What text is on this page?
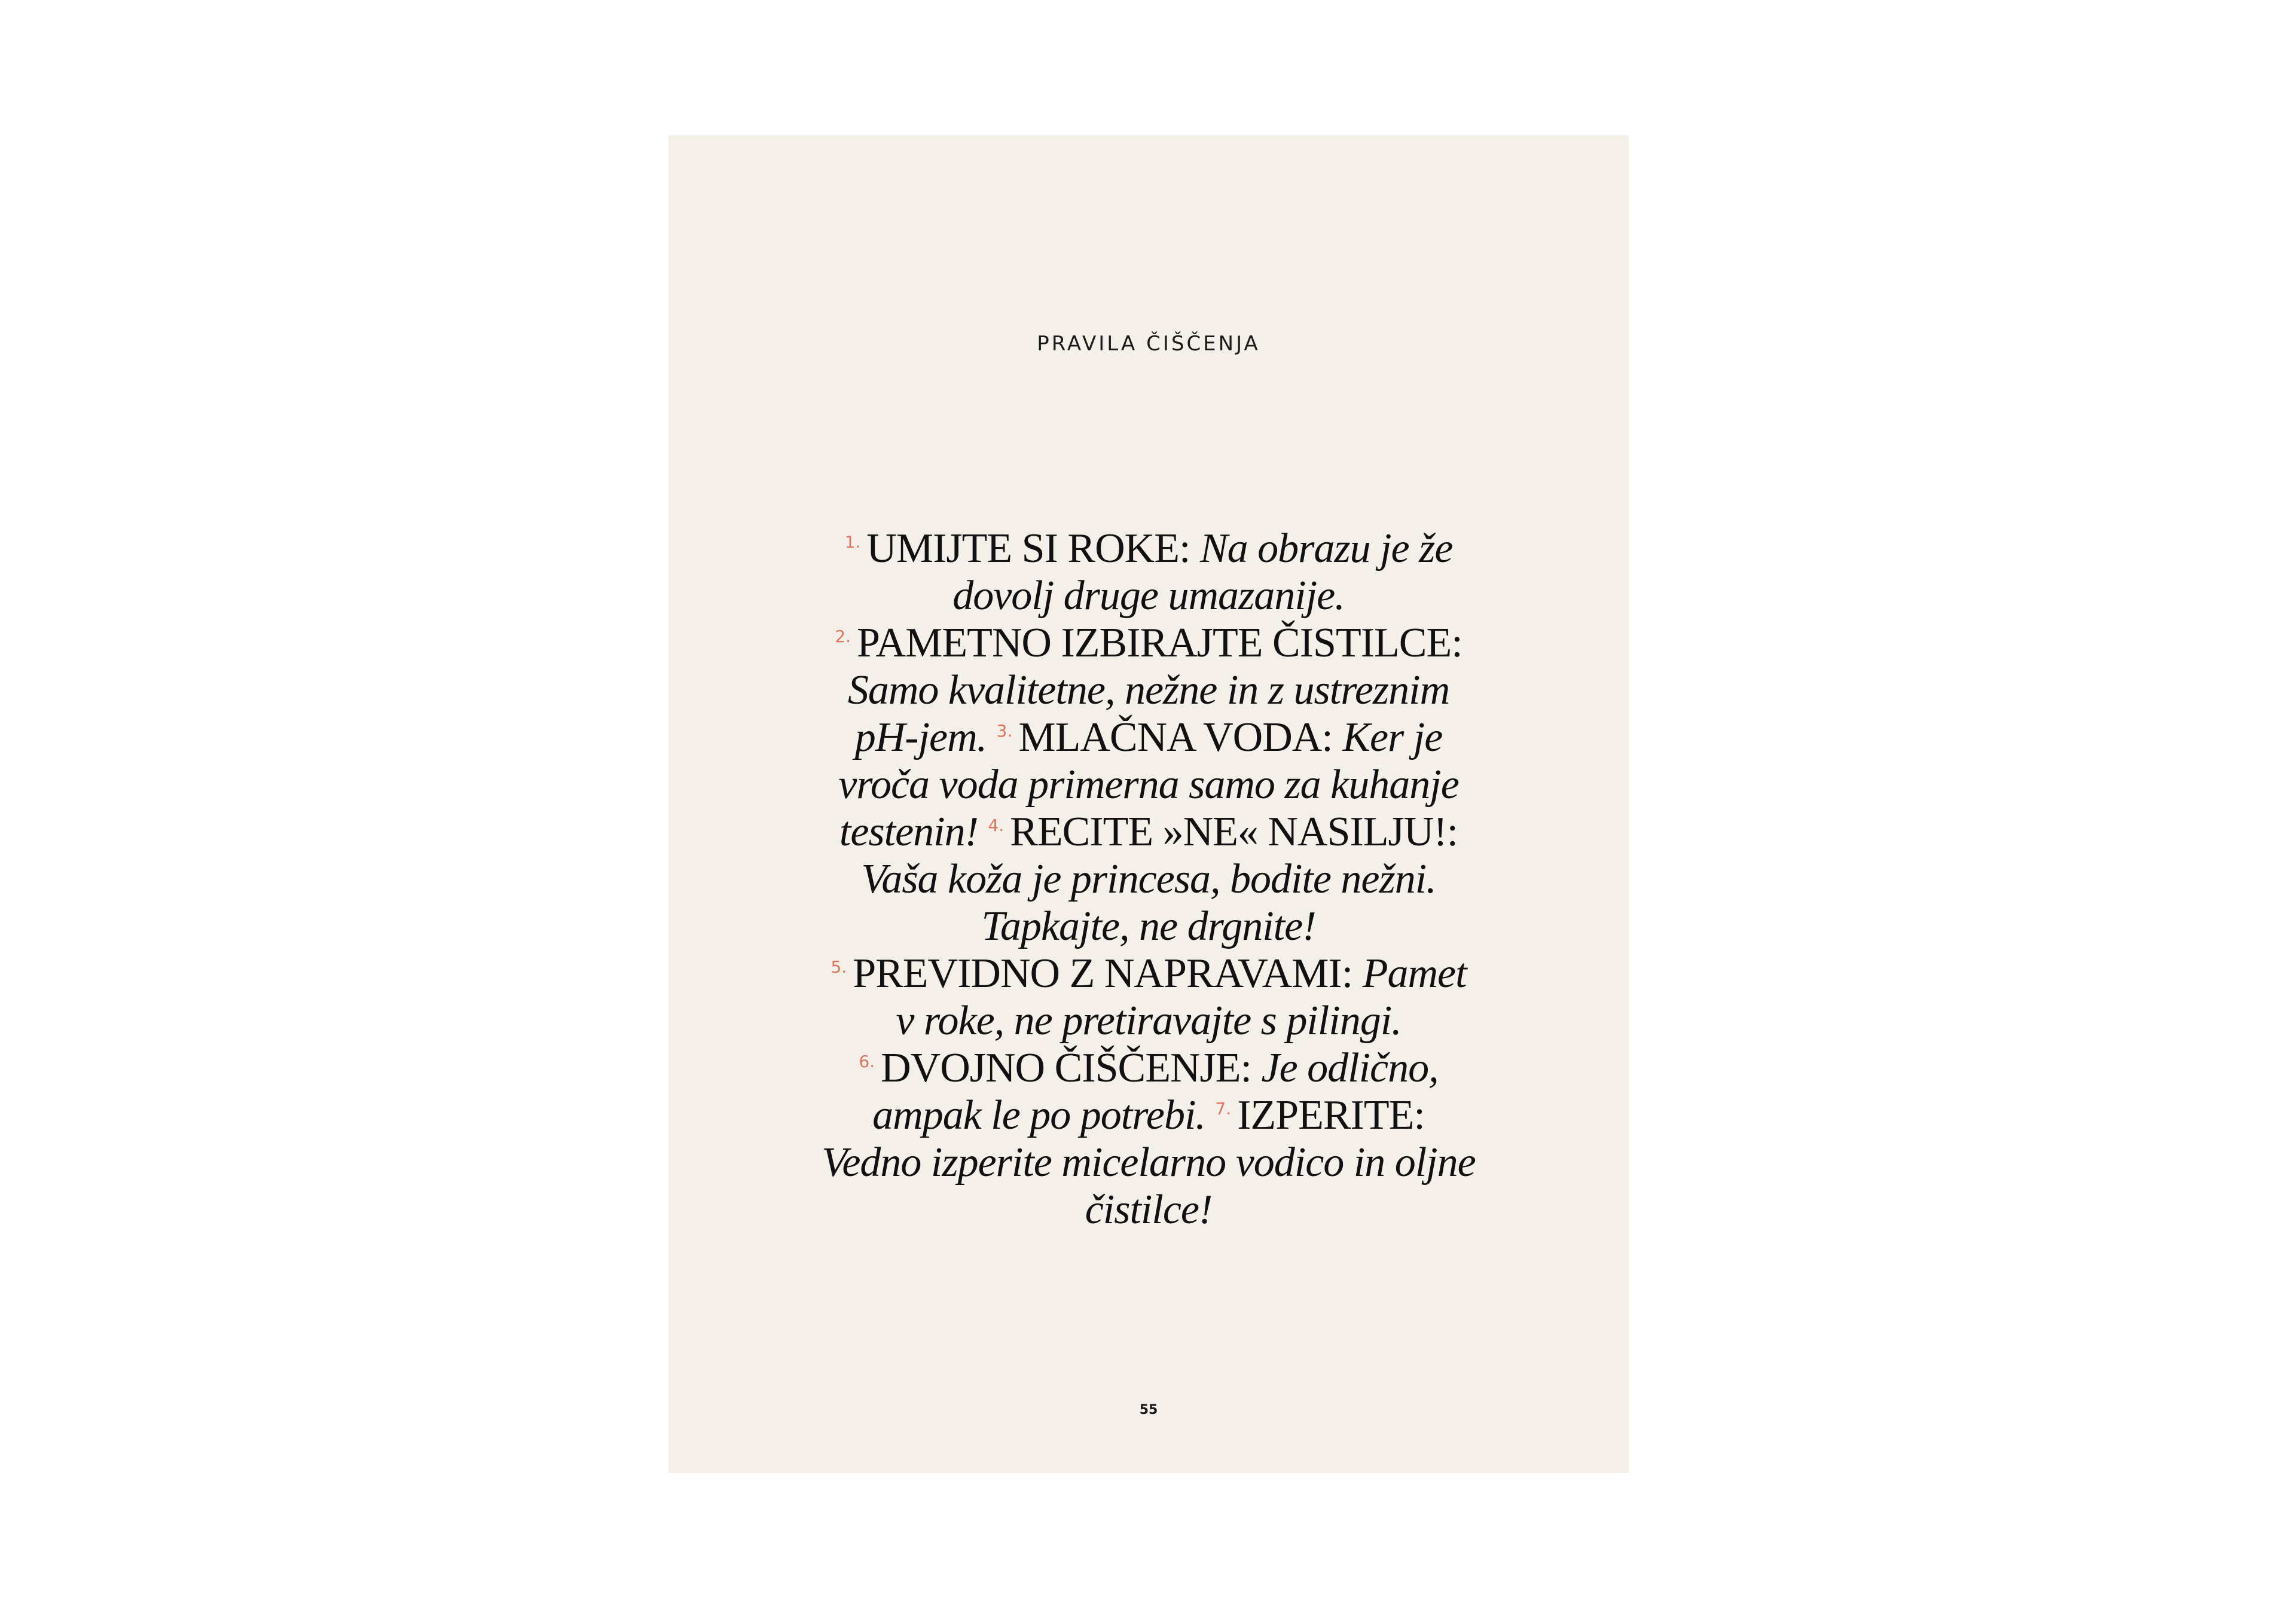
PRAVILA ČIŠČENJA
$^{1.}$ UMIJTE SI ROKE: Na obrazu je že dovolj druge umazanije.
$^{2.}$ PAMETNO IZBIRAJTE ČISTILCE: Samo kvalitetne, nežne in z ustreznim pH-jem. $^{3.}$ MLAČNA VODA: Ker je vroča voda primerna samo za kuhanje testenin! $^{4.}$ RECITE »NE« NASILJU!: Vaša koža je princesa, bodite nežni. Tapkajte, ne drgnite!
$^{5.}$ PREVIDNO Z NAPRAVAMI: Pamet v roke, ne pretiravajte s pilingi.
$^{6.}$ DVOJNO ČIŠČENJE: Je odlično, ampak le po potrebi. $^{7.}$ IZPERITE: Vedno izperite micelarno vodico in oljne čistilce!
55
